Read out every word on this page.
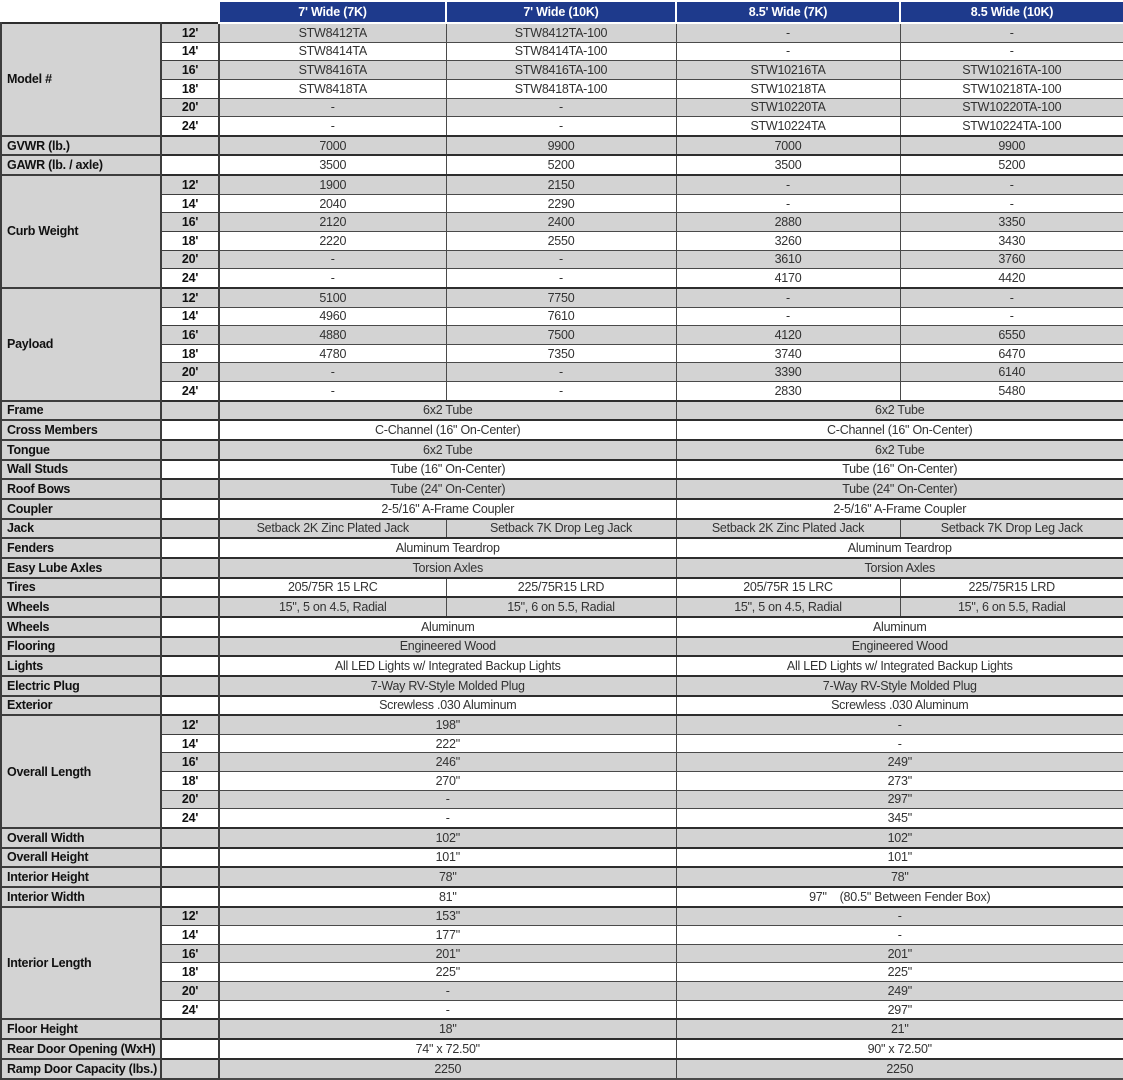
		7' Wide (7K)	7' Wide (10K)	8.5' Wide (7K)	8.5 Wide (10K)
Model #	12'	STW8412TA	STW8412TA-100	-	-
	14'	STW8414TA	STW8414TA-100	-	-
	16'	STW8416TA	STW8416TA-100	STW10216TA	STW10216TA-100
	18'	STW8418TA	STW8418TA-100	STW10218TA	STW10218TA-100
	20'	-	-	STW10220TA	STW10220TA-100
	24'	-	-	STW10224TA	STW10224TA-100
GVWR (lb.)		7000	9900	7000	9900
GAWR (lb. / axle)		3500	5200	3500	5200
Curb Weight	12'	1900	2150	-	-
	14'	2040	2290	-	-
	16'	2120	2400	2880	3350
	18'	2220	2550	3260	3430
	20'	-	-	3610	3760
	24'	-	-	4170	4420
Payload	12'	5100	7750	-	-
	14'	4960	7610	-	-
	16'	4880	7500	4120	6550
	18'	4780	7350	3740	6470
	20'	-	-	3390	6140
	24'	-	-	2830	5480
Frame		6x2 Tube		6x2 Tube	
Cross Members		C-Channel (16" On-Center)		C-Channel (16" On-Center)	
Tongue		6x2 Tube		6x2 Tube	
Wall Studs		Tube (16" On-Center)		Tube (16" On-Center)	
Roof Bows		Tube (24" On-Center)		Tube (24" On-Center)	
Coupler		2-5/16" A-Frame Coupler		2-5/16" A-Frame Coupler	
Jack		Setback 2K Zinc Plated Jack	Setback 7K Drop Leg Jack	Setback 2K Zinc Plated Jack	Setback 7K Drop Leg Jack
Fenders		Aluminum Teardrop		Aluminum Teardrop	
Easy Lube Axles		Torsion Axles		Torsion Axles	
Tires		205/75R 15 LRC	225/75R15 LRD	205/75R 15 LRC	225/75R15 LRD
Wheels		15", 5 on 4.5, Radial	15", 6 on 5.5, Radial	15", 5 on 4.5, Radial	15", 6 on 5.5, Radial
Wheels		Aluminum		Aluminum	
Flooring		Engineered Wood		Engineered Wood	
Lights		All LED Lights w/ Integrated Backup Lights		All LED Lights w/ Integrated Backup Lights	
Electric Plug		7-Way RV-Style Molded Plug		7-Way RV-Style Molded Plug	
Exterior		Screwless .030 Aluminum		Screwless .030 Aluminum	
Overall Length	12'	198"		-	
	14'	222"		-	
	16'	246"		249"	
	18'	270"		273"	
	20'	-		297"	
	24'	-		345"	
Overall Width		102"		102"	
Overall Height		101"		101"	
Interior Height		78"		78"	
Interior Width		81"		97"    (80.5" Between Fender Box)	
Interior Length	12'	153"		-	
	14'	177"		-	
	16'	201"		201"	
	18'	225"		225"	
	20'	-		249"	
	24'	-		297"	
Floor Height		18"		21"	
Rear Door Opening (WxH)		74" x 72.50"		90" x 72.50"	
Ramp Door Capacity (lbs.)		2250		2250	
